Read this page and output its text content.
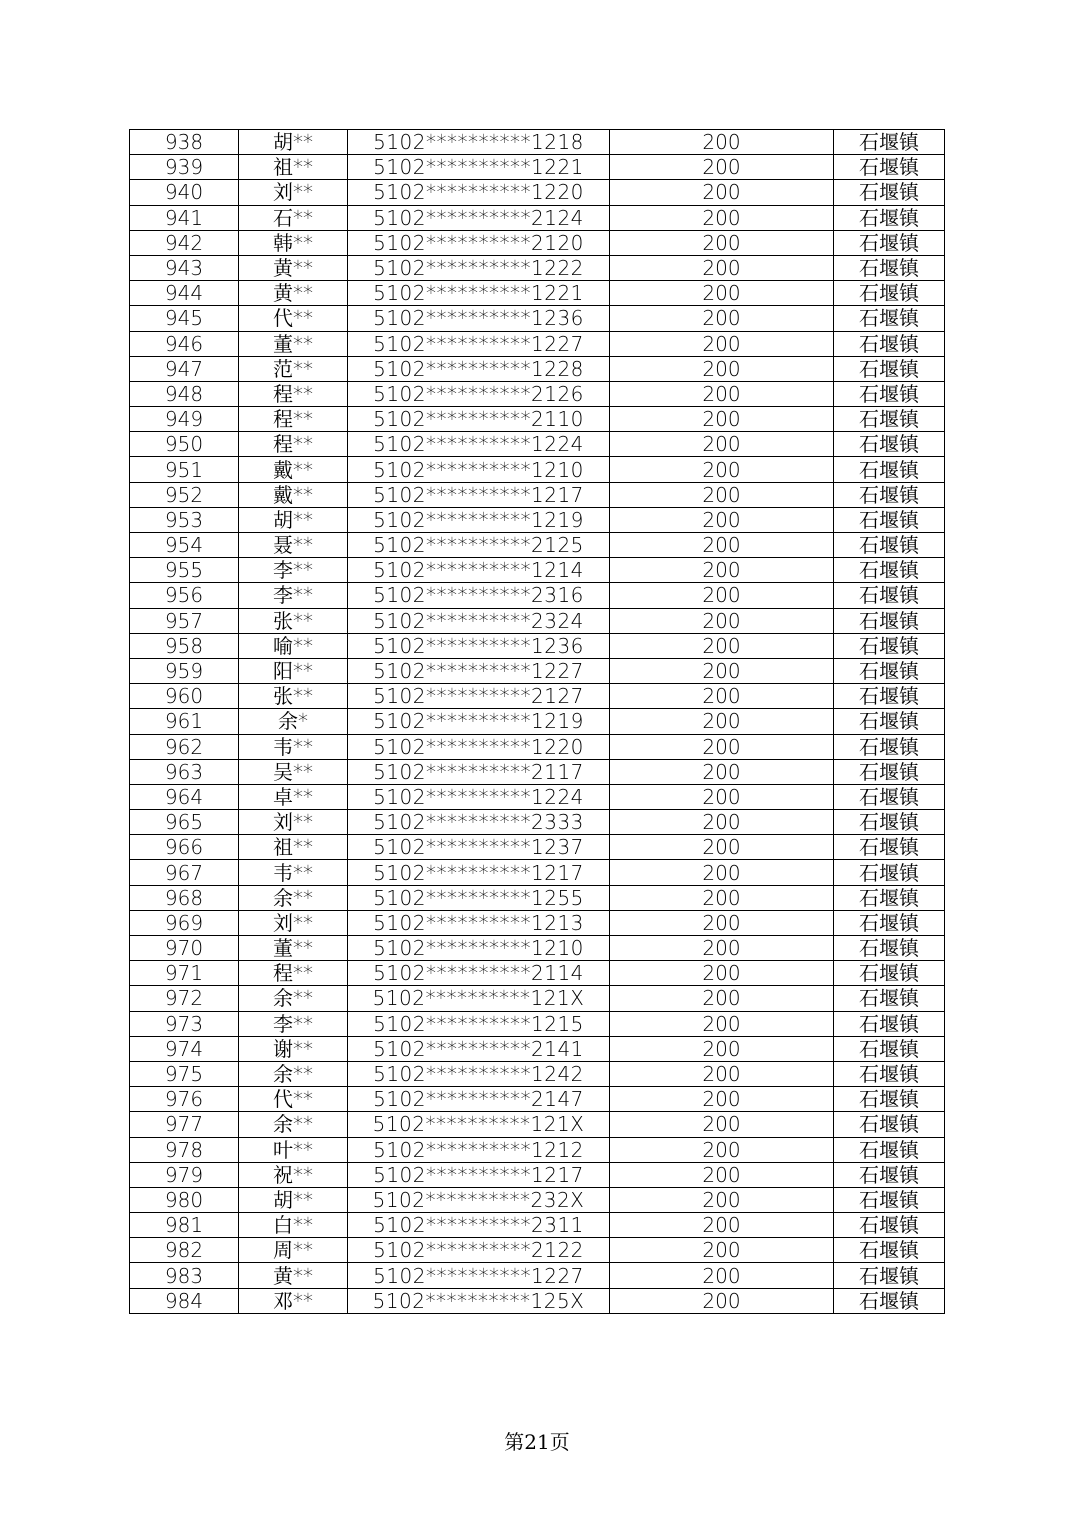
938	胡**	5102**********1218	200	石堰镇
939	祖**	5102**********1221	200	石堰镇
940	刘**	5102**********1220	200	石堰镇
941	石**	5102**********2124	200	石堰镇
942	韩**	5102**********2120	200	石堰镇
943	黄**	5102**********1222	200	石堰镇
944	黄**	5102**********1221	200	石堰镇
945	代**	5102**********1236	200	石堰镇
946	董**	5102**********1227	200	石堰镇
947	范**	5102**********1228	200	石堰镇
948	程**	5102**********2126	200	石堰镇
949	程**	5102**********2110	200	石堰镇
950	程**	5102**********1224	200	石堰镇
951	戴**	5102**********1210	200	石堰镇
952	戴**	5102**********1217	200	石堰镇
953	胡**	5102**********1219	200	石堰镇
954	聂**	5102**********2125	200	石堰镇
955	李**	5102**********1214	200	石堰镇
956	李**	5102**********2316	200	石堰镇
957	张**	5102**********2324	200	石堰镇
958	喻**	5102**********1236	200	石堰镇
959	阳**	5102**********1227	200	石堰镇
960	张**	5102**********2127	200	石堰镇
961	余*	5102**********1219	200	石堰镇
962	韦**	5102**********1220	200	石堰镇
963	吴**	5102**********2117	200	石堰镇
964	卓**	5102**********1224	200	石堰镇
965	刘**	5102**********2333	200	石堰镇
966	祖**	5102**********1237	200	石堰镇
967	韦**	5102**********1217	200	石堰镇
968	余**	5102**********1255	200	石堰镇
969	刘**	5102**********1213	200	石堰镇
970	董**	5102**********1210	200	石堰镇
971	程**	5102**********2114	200	石堰镇
972	余**	5102**********121X	200	石堰镇
973	李**	5102**********1215	200	石堰镇
974	谢**	5102**********2141	200	石堰镇
975	余**	5102**********1242	200	石堰镇
976	代**	5102**********2147	200	石堰镇
977	余**	5102**********121X	200	石堰镇
978	叶**	5102**********1212	200	石堰镇
979	祝**	5102**********1217	200	石堰镇
980	胡**	5102**********232X	200	石堰镇
981	白**	5102**********2311	200	石堰镇
982	周**	5102**********2122	200	石堰镇
983	黄**	5102**********1227	200	石堰镇
984	邓**	5102**********125X	200	石堰镇
第21页
